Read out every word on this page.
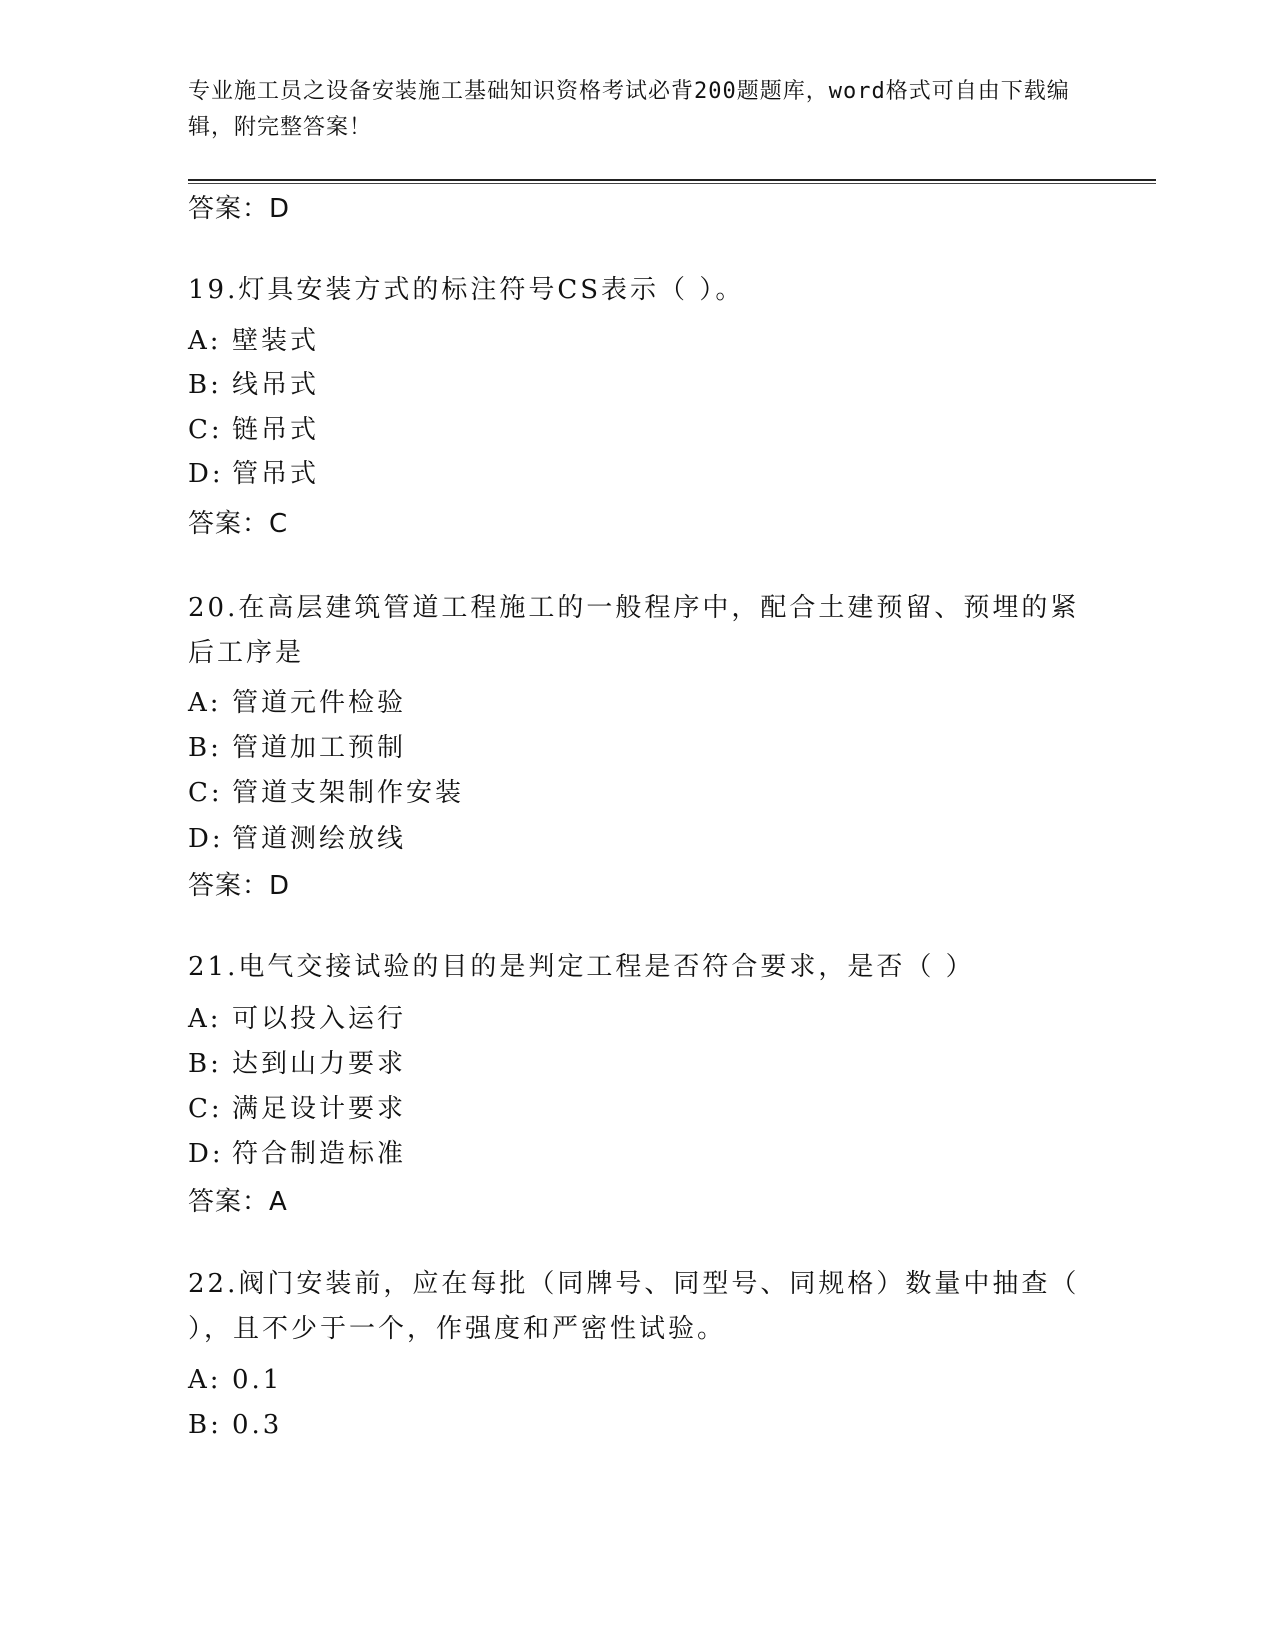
专业施工员之设备安装施工基础知识资格考试必背200题题库，word格式可自由下载编辑，附完整答案！
答案：D
19.灯具安装方式的标注符号CS表示（ ）。
A: 壁装式
B: 线吊式
C: 链吊式
D: 管吊式
答案：C
20.在高层建筑管道工程施工的一般程序中，配合土建预留、预埋的紧后工序是
A: 管道元件检验
B: 管道加工预制
C: 管道支架制作安装
D: 管道测绘放线
答案：D
21.电气交接试验的目的是判定工程是否符合要求，是否（ ）
A: 可以投入运行
B: 达到山力要求
C: 满足设计要求
D: 符合制造标准
答案：A
22.阀门安装前，应在每批（同牌号、同型号、同规格）数量中抽查（ ），且不少于一个，作强度和严密性试验。
A: 0.1
B: 0.3
